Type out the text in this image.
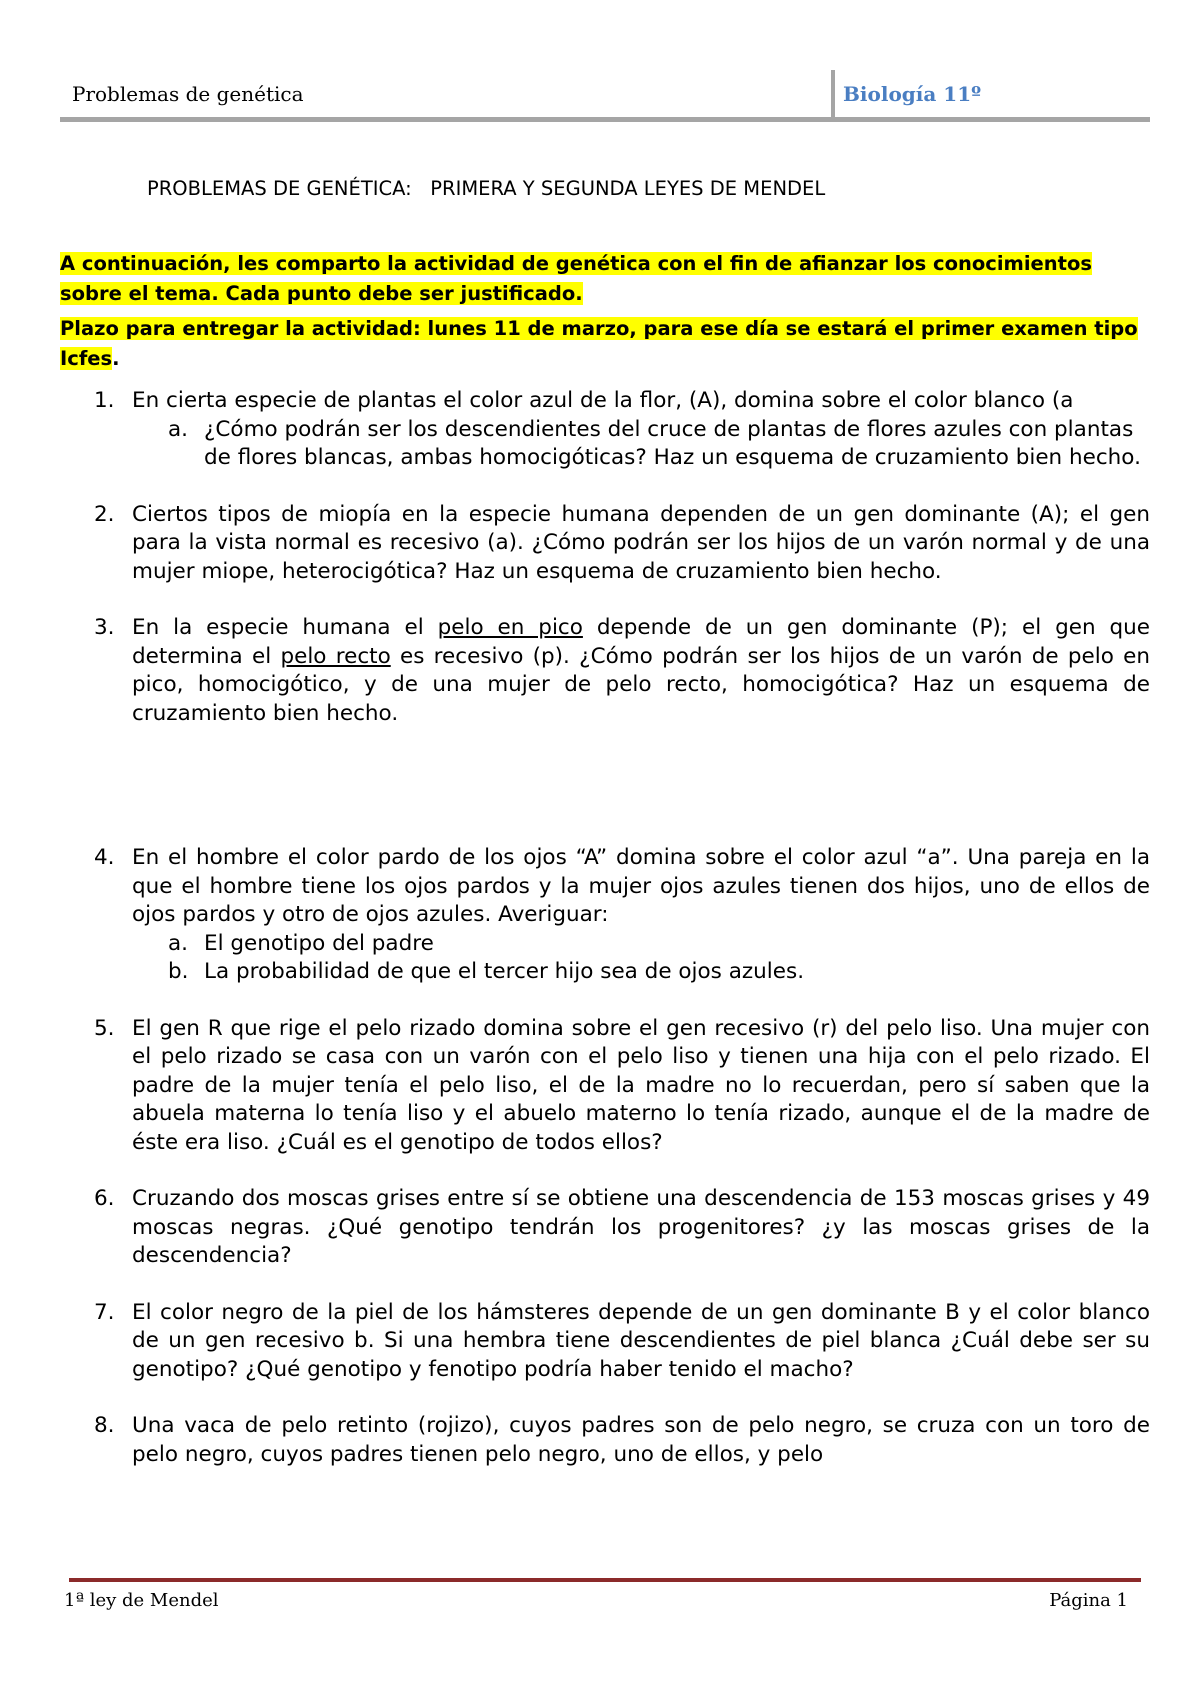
Problemas de genética	Biología 11º
PROBLEMAS DE GENÉTICA:   PRIMERA Y SEGUNDA LEYES DE MENDEL
A continuación, les comparto la actividad de genética con el fin de afianzar los conocimientos sobre el tema. Cada punto debe ser justificado.
Plazo para entregar la actividad: lunes 11 de marzo, para ese día se estará el primer examen tipo Icfes.
1. En cierta especie de plantas el color azul de la flor, (A), domina sobre el color blanco (a
a. ¿Cómo podrán ser los descendientes del cruce de plantas de flores azules con plantas de flores blancas, ambas homocigóticas? Haz un esquema de cruzamiento bien hecho.
2. Ciertos tipos de miopía en la especie humana dependen de un gen dominante (A); el gen para la vista normal es recesivo (a). ¿Cómo podrán ser los hijos de un varón normal y de una mujer miope, heterocigótica? Haz un esquema de cruzamiento bien hecho.
3. En la especie humana el pelo en pico depende de un gen dominante (P); el gen que determina el pelo recto es recesivo (p). ¿Cómo podrán ser los hijos de un varón de pelo en pico, homocigótico, y de una mujer de pelo recto, homocigótica? Haz un esquema de cruzamiento bien hecho.
4. En el hombre el color pardo de los ojos “A” domina sobre el color azul “a”. Una pareja en la que el hombre tiene los ojos pardos y la mujer ojos azules tienen dos hijos, uno de ellos de ojos pardos y otro de ojos azules. Averiguar:
a. El genotipo del padre
b. La probabilidad de que el tercer hijo sea de ojos azules.
5. El gen R que rige el pelo rizado domina sobre el gen recesivo (r) del pelo liso. Una mujer con el pelo rizado se casa con un varón con el pelo liso y tienen una hija con el pelo rizado. El padre de la mujer tenía el pelo liso, el de la madre no lo recuerdan, pero sí saben que la abuela materna lo tenía liso y el abuelo materno lo tenía rizado, aunque el de la madre de éste era liso. ¿Cuál es el genotipo de todos ellos?
6. Cruzando dos moscas grises entre sí se obtiene una descendencia de 153 moscas grises y 49 moscas negras. ¿Qué genotipo tendrán los progenitores? ¿y las moscas grises de la descendencia?
7. El color negro de la piel de los hámsteres depende de un gen dominante B y el color blanco de un gen recesivo b. Si una hembra tiene descendientes de piel blanca ¿Cuál debe ser su genotipo? ¿Qué genotipo y fenotipo podría haber tenido el macho?
8. Una vaca de pelo retinto (rojizo), cuyos padres son de pelo negro, se cruza con un toro de pelo negro, cuyos padres tienen pelo negro, uno de ellos, y pelo
1ª ley de Mendel	Página 1
